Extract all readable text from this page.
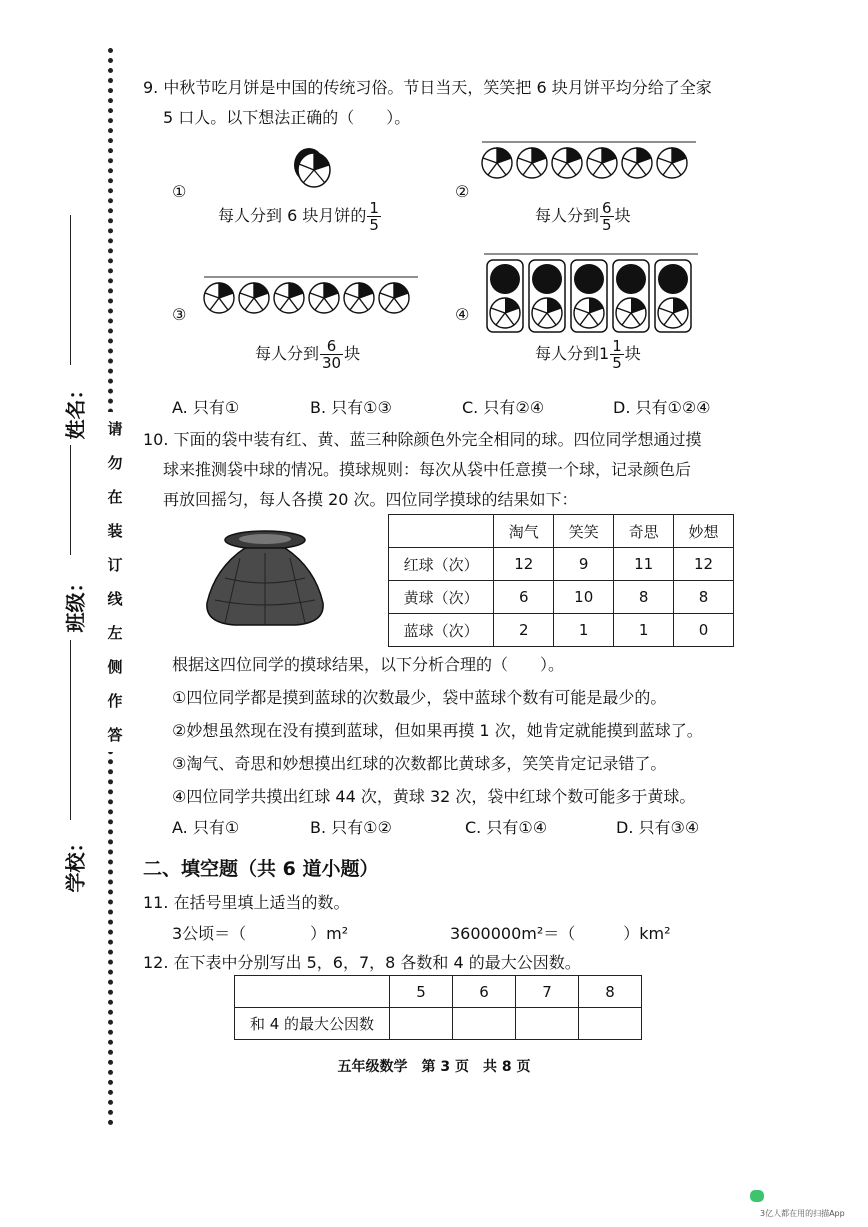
姓名：
班级：
学校：
请
勿
在
装
订
线
左
侧
作
答
9. 中秋节吃月饼是中国的传统习俗。节日当天，笑笑把 6 块月饼平均分给了全家
5 口人。以下想法正确的（　　）。
①
每人分到 6 块月饼的 $\frac{1}{5}$
②
每人分到 $\frac{6}{5}$ 块
③
每人分到 $\frac{6}{30}$ 块
④
每人分到$1 \frac{1}{5}$ 块
A. 只有①	B. 只有①③	C. 只有②④	D. 只有①②④
10. 下面的袋中装有红、黄、蓝三种除颜色外完全相同的球。四位同学想通过摸
球来推测袋中球的情况。摸球规则：每次从袋中任意摸一个球，记录颜色后
再放回摇匀，每人各摸 20 次。四位同学摸球的结果如下：
	淘气	笑笑	奇思	妙想
红球（次）	12	9	11	12
黄球（次）	6	10	8	8
蓝球（次）	2	1	1	0
根据这四位同学的摸球结果，以下分析合理的（　　）。
①四位同学都是摸到蓝球的次数最少，袋中蓝球个数有可能是最少的。
②妙想虽然现在没有摸到蓝球，但如果再摸 1 次，她肯定就能摸到蓝球了。
③淘气、奇思和妙想摸出红球的次数都比黄球多，笑笑肯定记录错了。
④四位同学共摸出红球 44 次，黄球 32 次，袋中红球个数可能多于黄球。
A. 只有①	B. 只有①②	C. 只有①④	D. 只有③④
二、填空题（共 6 道小题）
11. 在括号里填上适当的数。
3公顷＝（　　　　）m²	3600000m²＝（　　　）km²
12. 在下表中分别写出 5，6，7，8 各数和 4 的最大公因数。
	5	6	7	8
和 4 的最大公因数				
五年级数学　第 3 页　共 8 页
3亿人都在用的扫描App
